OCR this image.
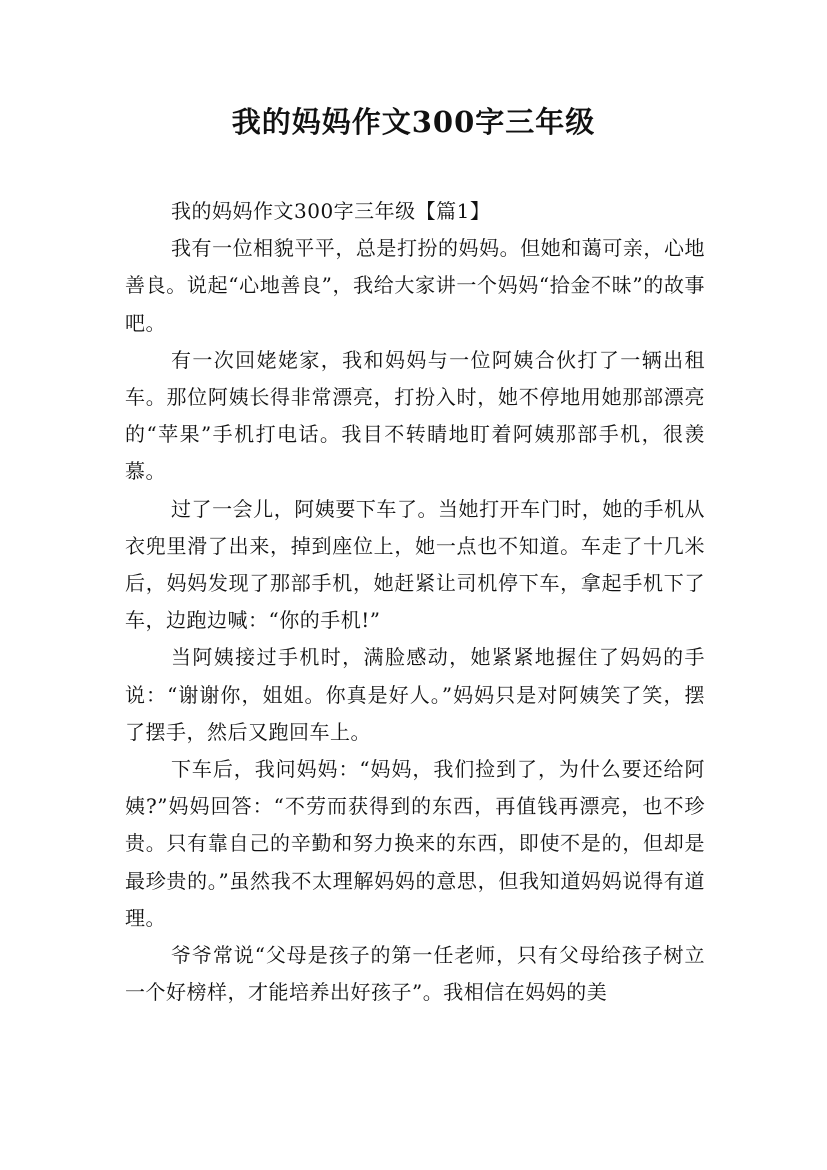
我的妈妈作文300字三年级

我的妈妈作文300字三年级【篇1】

我有一位相貌平平，总是打扮的妈妈。但她和蔼可亲，心地善良。说起“心地善良”，我给大家讲一个妈妈“拾金不昧”的故事吧。

有一次回姥姥家，我和妈妈与一位阿姨合伙打了一辆出租车。那位阿姨长得非常漂亮，打扮入时，她不停地用她那部漂亮的“苹果”手机打电话。我目不转睛地盯着阿姨那部手机，很羡慕。

过了一会儿，阿姨要下车了。当她打开车门时，她的手机从衣兜里滑了出来，掉到座位上，她一点也不知道。车走了十几米后，妈妈发现了那部手机，她赶紧让司机停下车，拿起手机下了车，边跑边喊：“你的手机!”

当阿姨接过手机时，满脸感动，她紧紧地握住了妈妈的手说：“谢谢你，姐姐。你真是好人。”妈妈只是对阿姨笑了笑，摆了摆手，然后又跑回车上。

下车后，我问妈妈：“妈妈，我们捡到了，为什么要还给阿姨?”妈妈回答：“不劳而获得到的东西，再值钱再漂亮，也不珍贵。只有靠自己的辛勤和努力换来的东西，即使不是的，但却是最珍贵的。”虽然我不太理解妈妈的意思，但我知道妈妈说得有道理。

爷爷常说“父母是孩子的第一任老师，只有父母给孩子树立一个好榜样，才能培养出好孩子”。我相信在妈妈的美
